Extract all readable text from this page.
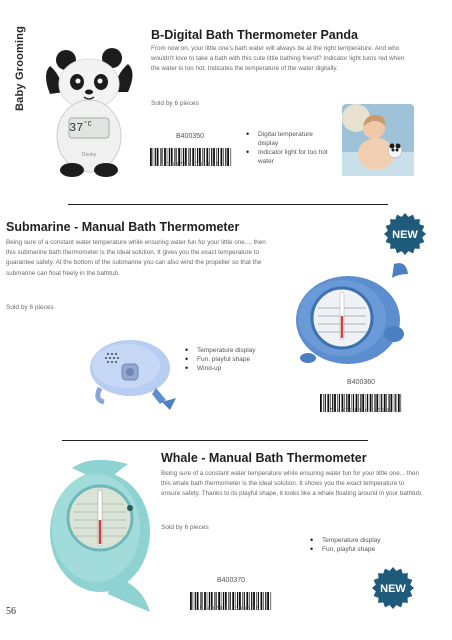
Baby Grooming
Dooky
$37^{^\circ C}$
B-Digital Bath Thermometer Panda

From now on, your little one's bath water will always be at the right temperature. And who wouldn't love to take a bath with this cute little bathing friend? Indicator light turns red when the water is too hot. Indicates the temperature of the water digitally.

Sold by 6 pieces
B400350
1 703754 001105
• Digital temperature display
• Indicator light for too hot water
Submarine - Manual Bath Thermometer

Being sure of a constant water temperature while ensuring water fun for your little one..., then this submarine bath thermometer is the ideal solution. It gives you the exact temperature to guarantee safety. At the bottom of the submarine you can also wind the propeller so that the submarine can float freely in the bathtub.

Sold by 6 pieces
NEW
• Temperature display
• Fun, playful shape
• Wind-up
B400360
5 407018 693528
Whale - Manual Bath Thermometer

Being sure of a constant water temperature while ensuring water fun for your little one... then this whale bath thermometer is the ideal solution. It shows you the exact temperature to ensure safety. Thanks to its playful shape, it looks like a whale floating around in your bathtub.

Sold by 6 pieces
• Temperature display
• Fun, playful shape
B400370
5 407018 693535
NEW
56
